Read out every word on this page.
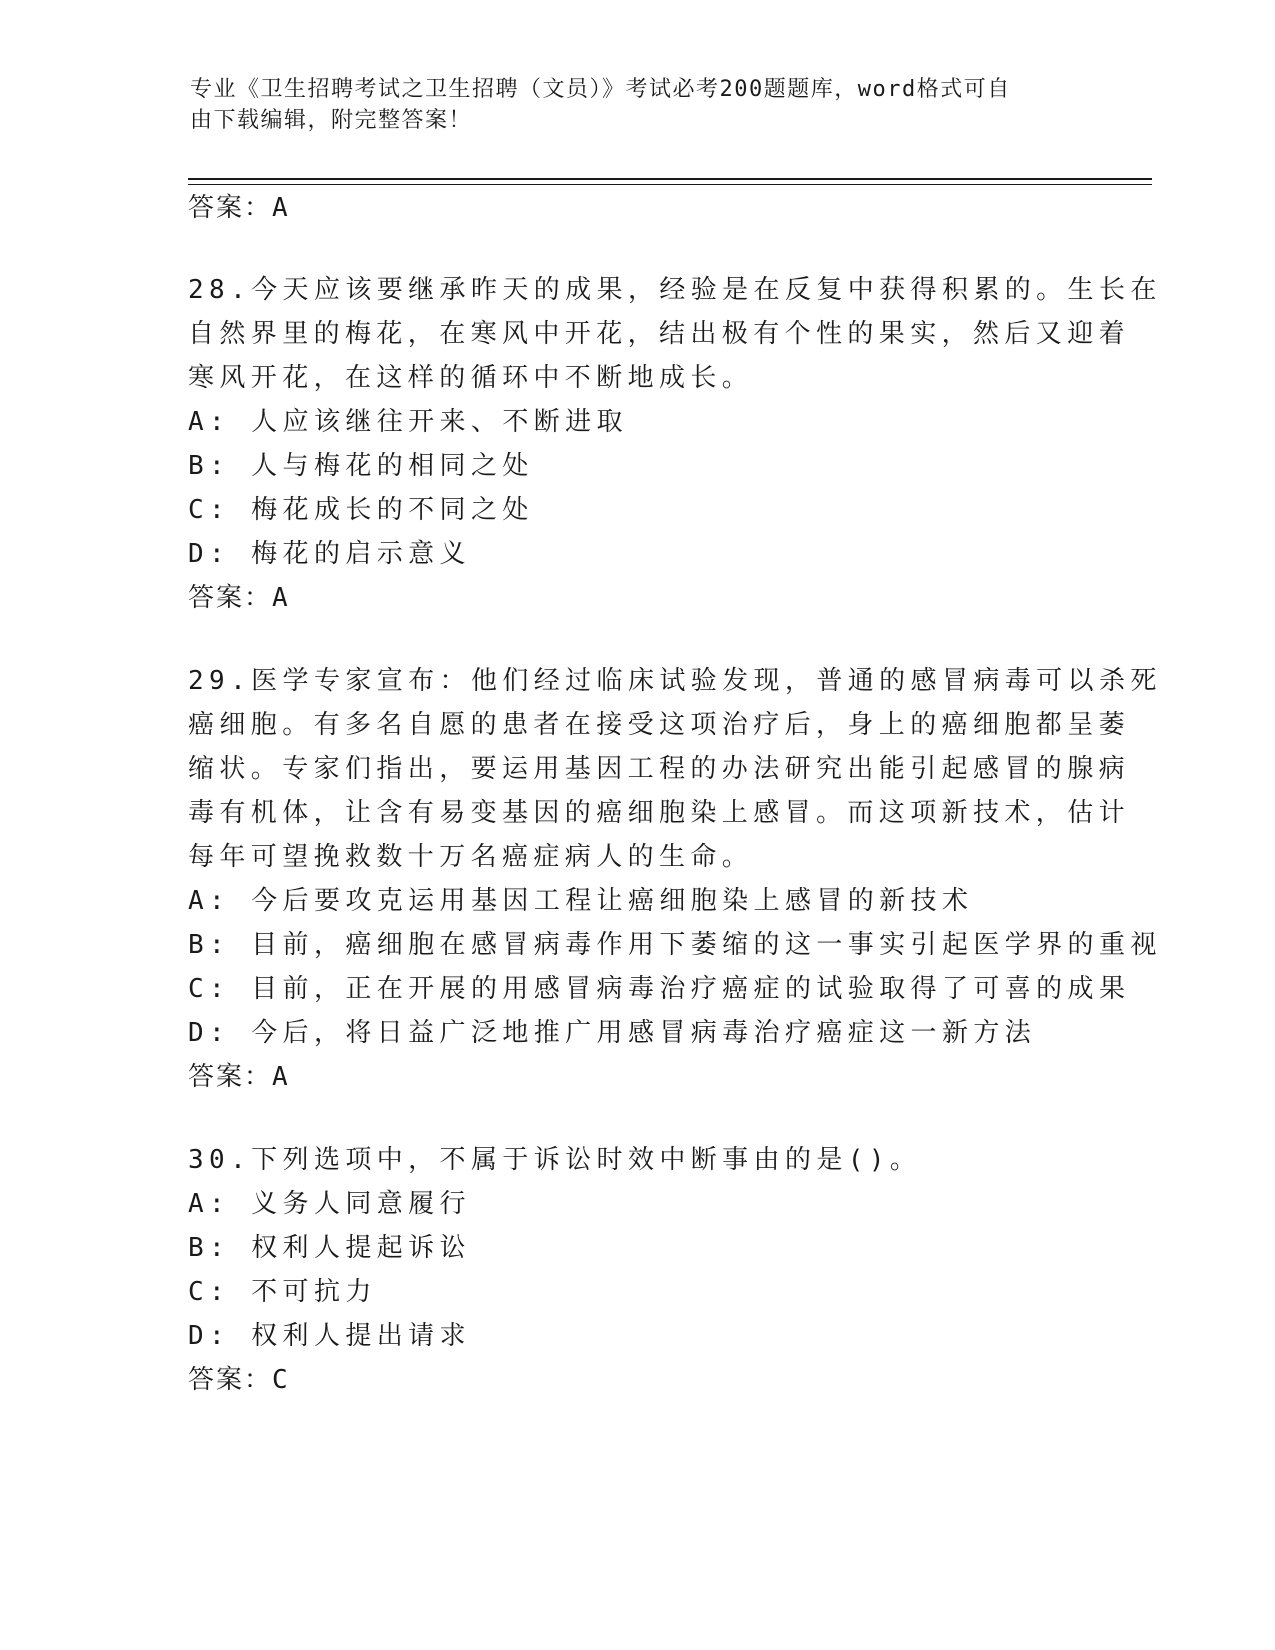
专业《卫生招聘考试之卫生招聘（文员）》考试必考200题题库，word格式可自
由下载编辑，附完整答案！
答案：A
28.今天应该要继承昨天的成果，经验是在反复中获得积累的。生长在
自然界里的梅花，在寒风中开花，结出极有个性的果实，然后又迎着
寒风开花，在这样的循环中不断地成长。
A: 人应该继往开来、不断进取
B: 人与梅花的相同之处
C: 梅花成长的不同之处
D: 梅花的启示意义
答案：A
29.医学专家宣布：他们经过临床试验发现，普通的感冒病毒可以杀死
癌细胞。有多名自愿的患者在接受这项治疗后，身上的癌细胞都呈萎
缩状。专家们指出，要运用基因工程的办法研究出能引起感冒的腺病
毒有机体，让含有易变基因的癌细胞染上感冒。而这项新技术，估计
每年可望挽救数十万名癌症病人的生命。
A: 今后要攻克运用基因工程让癌细胞染上感冒的新技术
B: 目前，癌细胞在感冒病毒作用下萎缩的这一事实引起医学界的重视
C: 目前，正在开展的用感冒病毒治疗癌症的试验取得了可喜的成果
D: 今后，将日益广泛地推广用感冒病毒治疗癌症这一新方法
答案：A
30.下列选项中，不属于诉讼时效中断事由的是()。
A: 义务人同意履行
B: 权利人提起诉讼
C: 不可抗力
D: 权利人提出请求
答案：C
